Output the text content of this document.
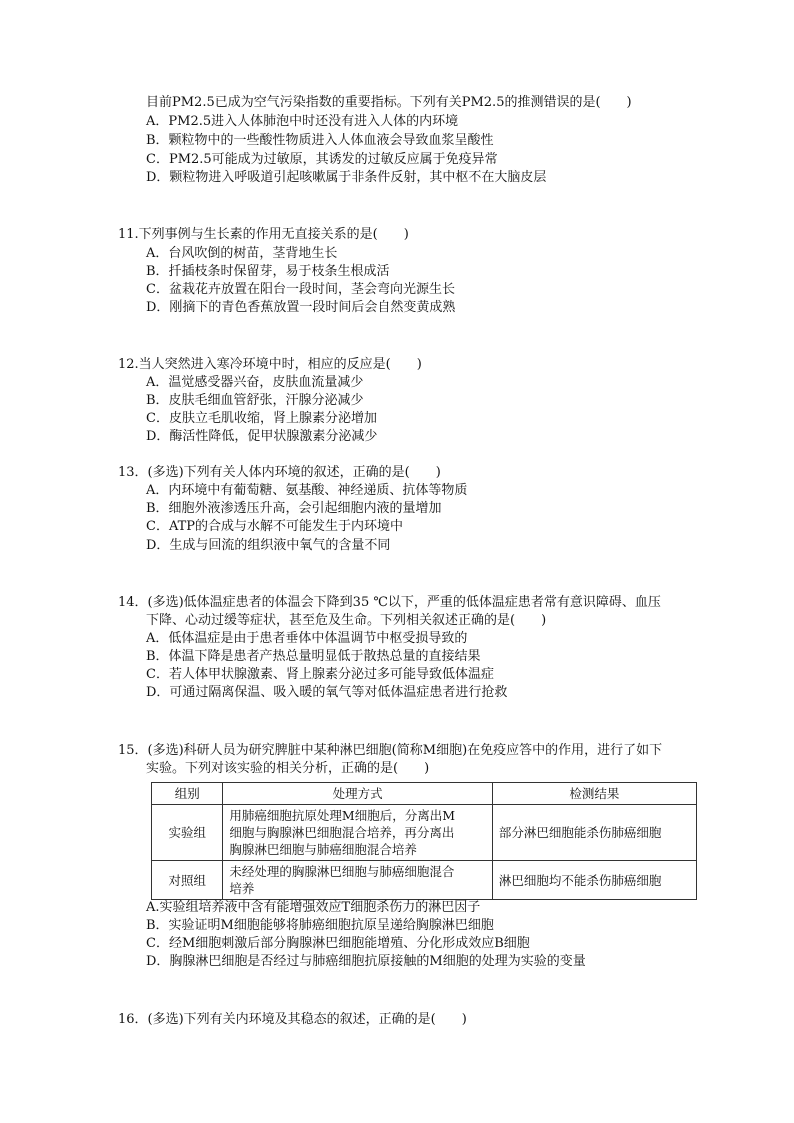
目前PM2.5已成为空气污染指数的重要指标。下列有关PM2.5的推测错误的是(　　)
A．PM2.5进入人体肺泡中时还没有进入人体的内环境
B．颗粒物中的一些酸性物质进入人体血液会导致血浆呈酸性
C．PM2.5可能成为过敏原，其诱发的过敏反应属于免疫异常
D．颗粒物进入呼吸道引起咳嗽属于非条件反射，其中枢不在大脑皮层
11.下列事例与生长素的作用无直接关系的是(　　)
A．台风吹倒的树苗，茎背地生长
B．扦插枝条时保留芽，易于枝条生根成活
C．盆栽花卉放置在阳台一段时间，茎会弯向光源生长
D．刚摘下的青色香蕉放置一段时间后会自然变黄成熟
12.当人突然进入寒冷环境中时，相应的反应是(　　)
A．温觉感受器兴奋，皮肤血流量减少
B．皮肤毛细血管舒张，汗腺分泌减少
C．皮肤立毛肌收缩，肾上腺素分泌增加
D．酶活性降低，促甲状腺激素分泌减少
13．(多选)下列有关人体内环境的叙述，正确的是(　　)
A．内环境中有葡萄糖、氨基酸、神经递质、抗体等物质
B．细胞外液渗透压升高，会引起细胞内液的量增加
C．ATP的合成与水解不可能发生于内环境中
D．生成与回流的组织液中氧气的含量不同
14．(多选)低体温症患者的体温会下降到35 ℃以下，严重的低体温症患者常有意识障碍、血压
下降、心动过缓等症状，甚至危及生命。下列相关叙述正确的是(　　)
A．低体温症是由于患者垂体中体温调节中枢受损导致的
B．体温下降是患者产热总量明显低于散热总量的直接结果
C．若人体甲状腺激素、肾上腺素分泌过多可能导致低体温症
D．可通过隔离保温、吸入暖的氧气等对低体温症患者进行抢救
15．(多选)科研人员为研究脾脏中某种淋巴细胞(简称M细胞)在免疫应答中的作用，进行了如下
实验。下列对该实验的相关分析，正确的是(　　)
组别	处理方式	检测结果
实验组	用肺癌细胞抗原处理M细胞后，分离出M
细胞与胸腺淋巴细胞混合培养，再分离出
胸腺淋巴细胞与肺癌细胞混合培养	部分淋巴细胞能杀伤肺癌细胞
对照组	未经处理的胸腺淋巴细胞与肺癌细胞混合
培养	淋巴细胞均不能杀伤肺癌细胞
A.实验组培养液中含有能增强效应T细胞杀伤力的淋巴因子
B．实验证明M细胞能够将肺癌细胞抗原呈递给胸腺淋巴细胞
C．经M细胞刺激后部分胸腺淋巴细胞能增殖、分化形成效应B细胞
D．胸腺淋巴细胞是否经过与肺癌细胞抗原接触的M细胞的处理为实验的变量
16．(多选)下列有关内环境及其稳态的叙述，正确的是(　　)
